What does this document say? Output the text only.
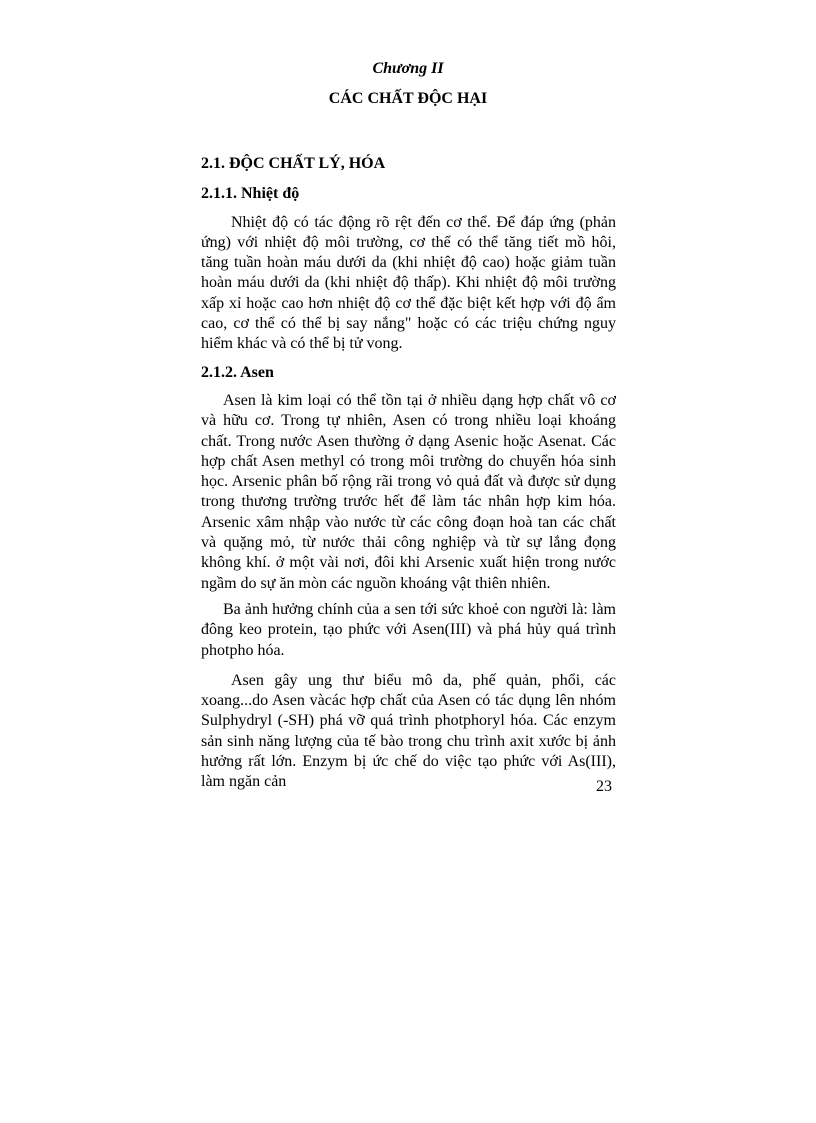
Chương II
CÁC CHẤT ĐỘC HẠI
2.1. ĐỘC CHẤT LÝ, HÓA
2.1.1. Nhiệt độ

Nhiệt độ có tác động rõ rệt đến cơ thể. Để đáp ứng (phản ứng) với nhiệt độ môi trường, cơ thể có thể tăng tiết mồ hôi, tăng tuần hoàn máu dưới da (khi nhiệt độ cao) hoặc giảm tuần hoàn máu dưới da (khi nhiệt độ thấp). Khi nhiệt độ môi trường xấp xỉ hoặc cao hơn nhiệt độ cơ thể đặc biệt kết hợp với độ ẩm cao, cơ thể có thể bị say nắng" hoặc có các triệu chứng nguy hiểm khác và có thể bị tử vong.

2.1.2. Asen

Asen là kim loại có thể tồn tại ở nhiều dạng hợp chất vô cơ và hữu cơ. Trong tự nhiên, Asen có trong nhiều loại khoáng chất. Trong nước Asen thường ở dạng Asenic hoặc Asenat. Các hợp chất Asen methyl có trong môi trường do chuyển hóa sinh học. Arsenic phân bố rộng rãi trong vỏ quả đất và được sử dụng trong thương trường trước hết để làm tác nhân hợp kim hóa. Arsenic xâm nhập vào nước từ các công đoạn hoà tan các chất và quặng mỏ, từ nước thải công nghiệp và từ sự lắng đọng không khí. ở một vài nơi, đôi khi Arsenic xuất hiện trong nước ngầm do sự ăn mòn các nguồn khoáng vật thiên nhiên.

Ba ảnh hưởng chính của a sen tới sức khoẻ con người là: làm đông keo protein, tạo phức với Asen(III) và phá hủy quá trình photpho hóa.

Asen gây ung thư biểu mô da, phế quản, phổi, các xoang...do Asen vàcác hợp chất của Asen có tác dụng lên nhóm Sulphydryl (-SH) phá vỡ quá trình photphoryl hóa. Các enzym sản sinh năng lượng của tế bào trong chu trình axit xước bị ảnh hưởng rất lớn. Enzym bị ức chế do việc tạo phức với As(III), làm ngăn cản	23
